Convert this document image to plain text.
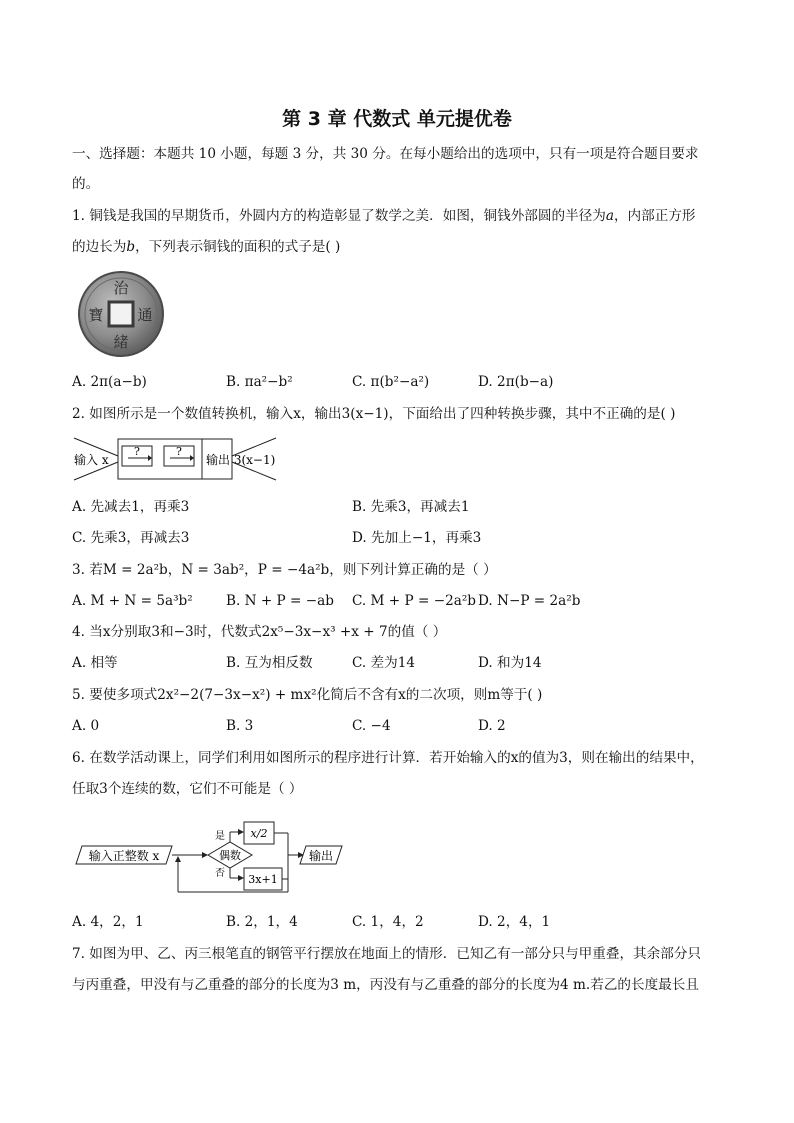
第 3 章 代数式 单元提优卷
一、选择题：本题共 10 小题，每题 3 分，共 30 分。在每小题给出的选项中，只有一项是符合题目要求
的。
1. 铜钱是我国的早期货币，外圆内方的构造彰显了数学之美．如图，铜钱外部圆的半径为a，内部正方形
的边长为b，下列表示铜钱的面积的式子是( )
治
通
寶
緒
A. 2π(a−b)	B. πa²−b²	C. π(b²−a²)	D. 2π(b−a)
2. 如图所示是一个数值转换机，输入x，输出3(x−1)，下面给出了四种转换步骤，其中不正确的是( )
?	?
输入 x	输出 3(x−1)
A. 先减去1，再乘3	B. 先乘3，再减去1
C. 先乘3，再减去3	D. 先加上−1，再乘3
3. 若M = 2a²b，N = 3ab²，P = −4a²b，则下列计算正确的是（ ）
A. M + N = 5a³b² B. N + P = −ab C. M + P = −2a²b D. N−P = 2a²b
4. 当x分别取3和−3时，代数式2x⁵−3x−x³ +x + 7的值（ ）
A. 相等	B. 互为相反数	C. 差为14	D. 和为14
5. 要使多项式2x²−2(7−3x−x²) + mx²化简后不含有x的二次项，则m等于( )
A. 0	B. 3	C. −4	D. 2
6. 在数学活动课上，同学们利用如图所示的程序进行计算．若开始输入的x的值为3，则在输出的结果中，
任取3个连续的数，它们不可能是（ ）
输入正整数 x	偶数
是 x/2
否 3x+1
输出
A. 4，2，1	B. 2，1，4	C. 1，4，2	D. 2，4，1
7. 如图为甲、乙、丙三根笔直的钢管平行摆放在地面上的情形．已知乙有一部分只与甲重叠，其余部分只
与丙重叠，甲没有与乙重叠的部分的长度为3 m，丙没有与乙重叠的部分的长度为4 m.若乙的长度最长且
